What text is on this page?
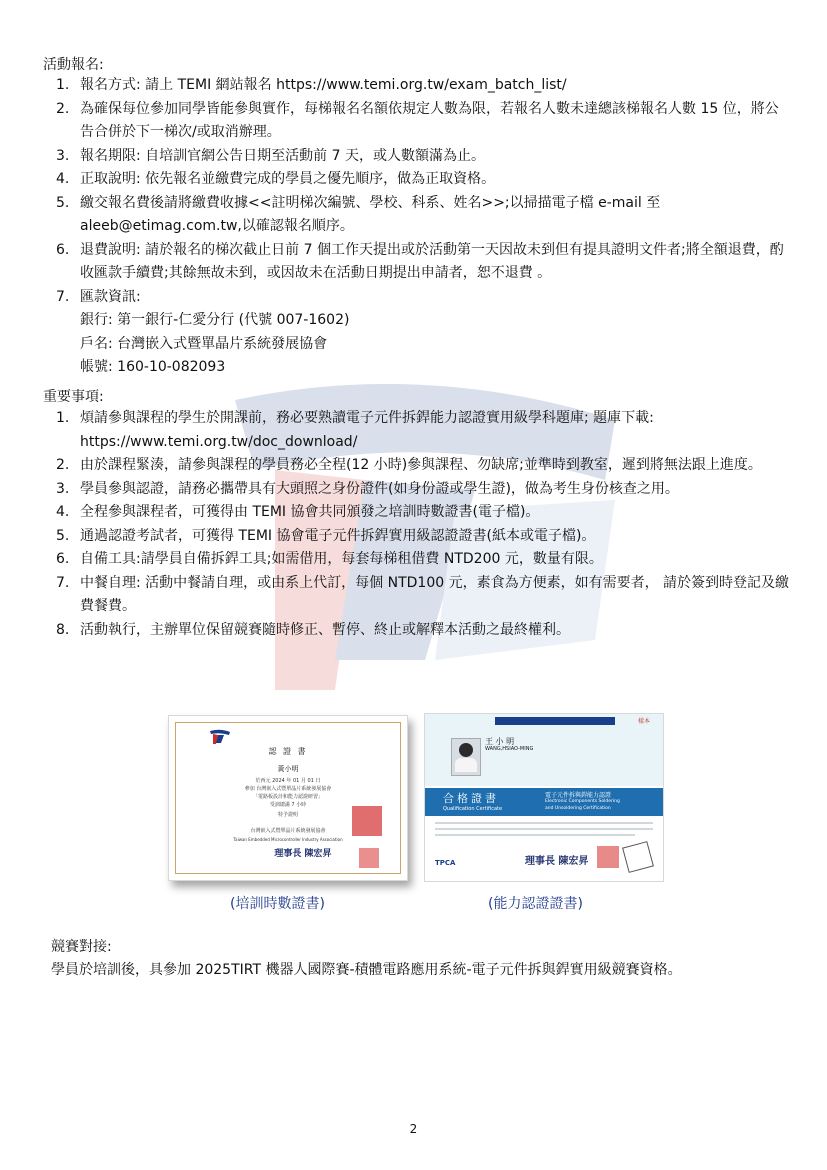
活動報名:
1. 報名方式: 請上 TEMI 網站報名 https://www.temi.org.tw/exam_batch_list/
2. 為確保每位參加同學皆能參與實作，每梯報名名額依規定人數為限，若報名人數未達總該梯報名人數 15 位，將公告合併於下一梯次/或取消辦理。
3. 報名期限: 自培訓官網公告日期至活動前 7 天，或人數額滿為止。
4. 正取說明: 依先報名並繳費完成的學員之優先順序，做為正取資格。
5. 繳交報名費後請將繳費收據<<註明梯次編號、學校、科系、姓名>>;以掃描電子檔 e-mail 至 aleeb@etimag.com.tw,以確認報名順序。
6. 退費說明: 請於報名的梯次截止日前 7 個工作天提出或於活動第一天因故未到但有提具證明文件者;將全額退費，酌收匯款手續費;其餘無故未到，或因故未在活動日期提出申請者，恕不退費 。
7. 匯款資訊:
銀行: 第一銀行-仁愛分行 (代號 007-1602)
戶名: 台灣嵌入式暨單晶片系統發展協會
帳號: 160-10-082093
重要事項:
1. 煩請參與課程的學生於開課前，務必要熟讀電子元件拆銲能力認證實用級學科題庫; 題庫下載: https://www.temi.org.tw/doc_download/
2. 由於課程緊湊，請參與課程的學員務必全程(12 小時)參與課程、勿缺席;並準時到教室，遲到將無法跟上進度。
3. 學員參與認證，請務必攜帶具有大頭照之身份證件(如身份證或學生證)，做為考生身份核查之用。
4. 全程參與課程者，可獲得由 TEMI 協會共同頒發之培訓時數證書(電子檔)。
5. 通過認證考試者，可獲得 TEMI 協會電子元件拆銲實用級認證證書(紙本或電子檔)。
6. 自備工具:請學員自備拆銲工具;如需借用，每套每梯租借費 NTD200 元，數量有限。
7. 中餐自理: 活動中餐請自理，或由系上代訂，每個 NTD100 元，素食為方便素，如有需要者， 請於簽到時登記及繳費餐費。
8. 活動執行，主辦單位保留競賽隨時修正、暫停、終止或解釋本活動之最終權利。
認 證 書
黃小明
於西元 2024 年 01 月 01 日
參加 台灣嵌入式暨單晶片系統發展協會
「電路板設計和能力認證研習」
受訓總滿 7 小時
特予證明
台灣嵌入式暨單晶片系統發展協會
Taiwan Embedded Microcontroller Industry Association
理事長 陳宏昇
樣本
王 小 明
WANG,HSIAO-MING
合格證書
Qualification Certificate
電子元件拆與銲能力認證
Electronic Components Soldering
and Unsoldering Certification
TPCA	理事長 陳宏昇
(培訓時數證書)	(能力認證證書)
競賽對接:
學員於培訓後，具參加 2025TIRT 機器人國際賽-積體電路應用系統-電子元件拆與銲實用級競賽資格。
2
